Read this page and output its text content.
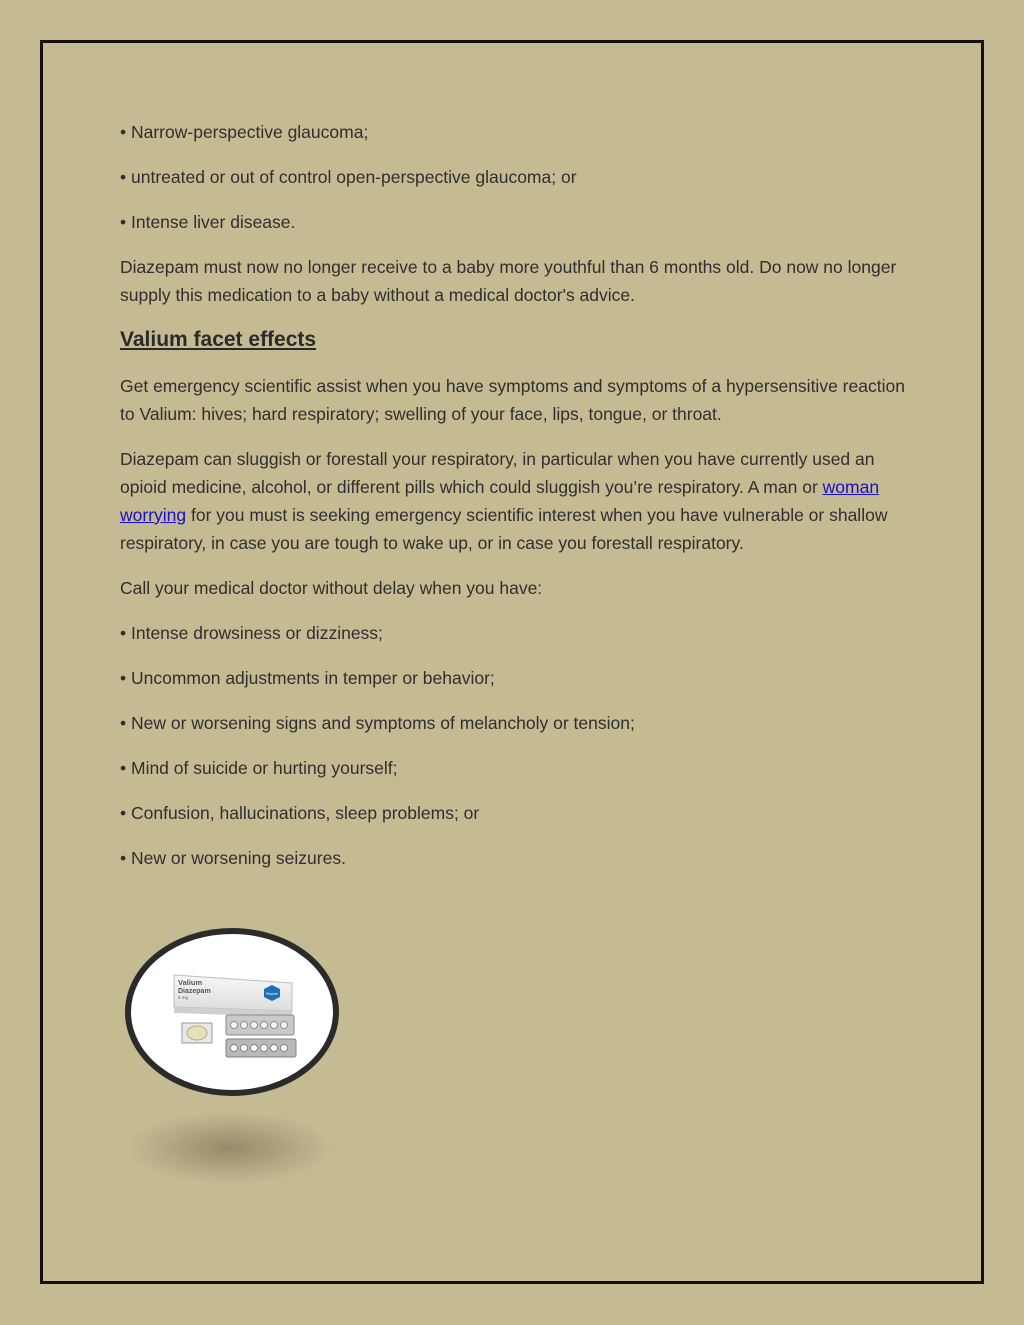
• Narrow-perspective glaucoma;

• untreated or out of control open-perspective glaucoma; or

• Intense liver disease.

Diazepam must now no longer receive to a baby more youthful than 6 months old. Do now no longer supply this medication to a baby without a medical doctor's advice.

Valium facet effects

Get emergency scientific assist when you have symptoms and symptoms of a hypersensitive reaction to Valium: hives; hard respiratory; swelling of your face, lips, tongue, or throat.

Diazepam can sluggish or forestall your respiratory, in particular when you have currently used an opioid medicine, alcohol, or different pills which could sluggish you’re respiratory. A man or woman worrying for you must is seeking emergency scientific interest when you have vulnerable or shallow respiratory, in case you are tough to wake up, or in case you forestall respiratory.

Call your medical doctor without delay when you have:

• Intense drowsiness or dizziness;

• Uncommon adjustments in temper or behavior;

• New or worsening signs and symptoms of melancholy or tension;

• Mind of suicide or hurting yourself;

• Confusion, hallucinations, sleep problems; or

• New or worsening seizures.

Valium
Diazepam
5 mg
Roche
